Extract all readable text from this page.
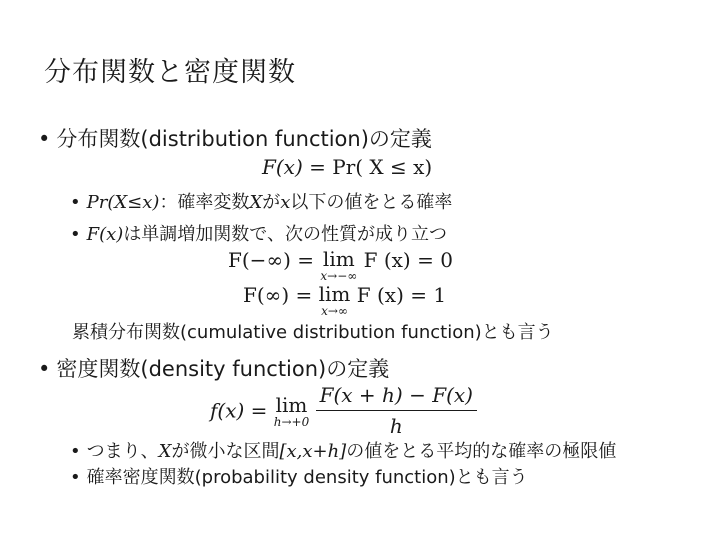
分布関数と密度関数
• 分布関数(distribution function)の定義
F(x) = Pr( X ≤ x)
• Pr(X≤x)：確率変数Xがx以下の値をとる確率
• F(x)は単調増加関数で、次の性質が成り立つ
F(−∞) = lim
x→−∞
F (x) = 0
F(∞) = lim
x→∞
F (x) = 1
累積分布関数(cumulative distribution function)とも言う
• 密度関数(density function)の定義
f(x) = lim
h→+0
$\frac{F(x + h) - F(x)}{h}$
• つまり、Xが微小な区間[x,x+h]の値をとる平均的な確率の極限値
• 確率密度関数(probability density function)とも言う
